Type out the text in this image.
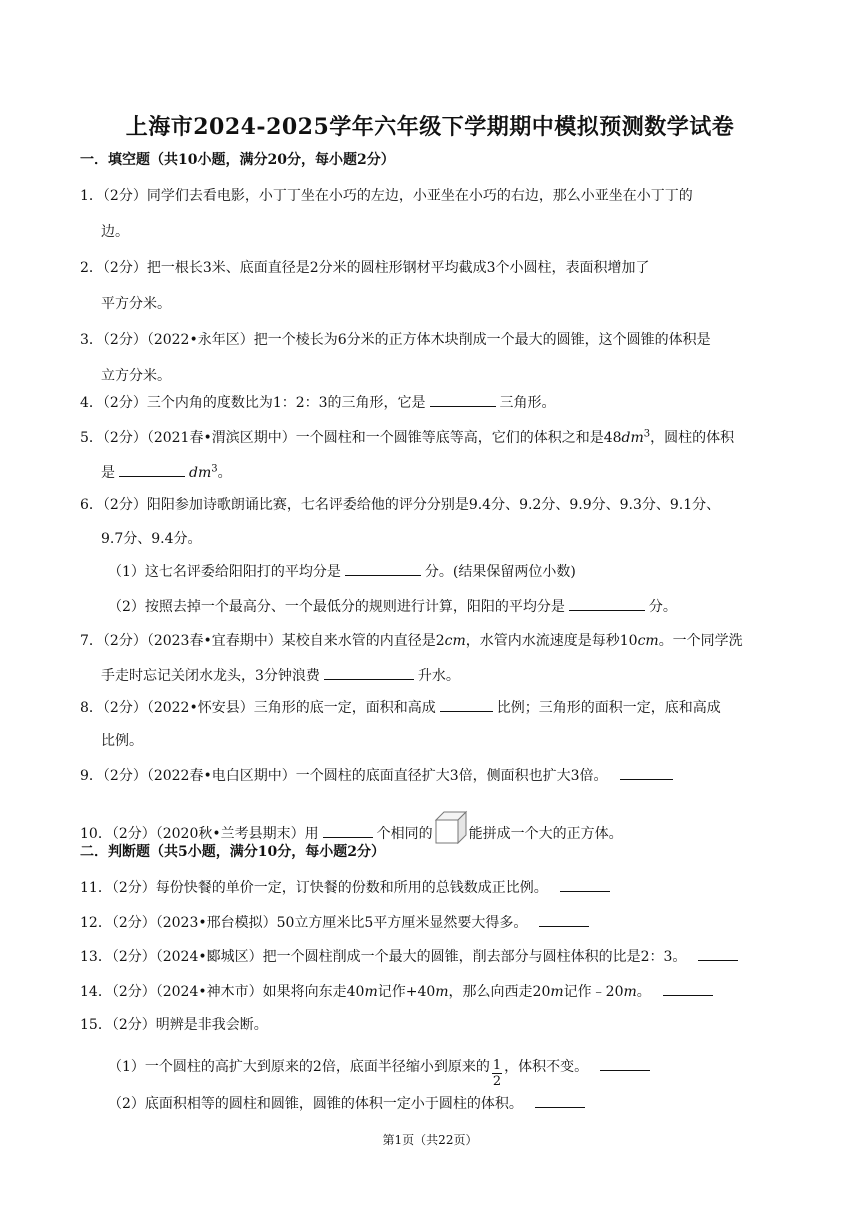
上海市2024-2025学年六年级下学期期中模拟预测数学试卷
一．填空题（共10小题，满分20分，每小题2分）
1．（2分）同学们去看电影，小丁丁坐在小巧的左边，小亚坐在小巧的右边，那么小亚坐在小丁丁的
边。
2．（2分）把一根长3米、底面直径是2分米的圆柱形钢材平均截成3个小圆柱，表面积增加了
平方分米。
3．（2分）（2022•永年区）把一个棱长为6分米的正方体木块削成一个最大的圆锥，这个圆锥的体积是
立方分米。
4．（2分）三个内角的度数比为1：2：3的三角形，它是	三角形。
5．（2分）（2021春•渭滨区期中）一个圆柱和一个圆锥等底等高，它们的体积之和是$48dm^3$，圆柱的体积
是	$dm^3$。
6．（2分）阳阳参加诗歌朗诵比赛，七名评委给他的评分分别是9.4分、9.2分、9.9分、9.3分、9.1分、
9.7分、9.4分。
（1）这七名评委给阳阳打的平均分是	分。(结果保留两位小数)
（2）按照去掉一个最高分、一个最低分的规则进行计算，阳阳的平均分是	分。
7．（2分）（2023春•宜春期中）某校自来水管的内直径是2cm，水管内水流速度是每秒10cm。一个同学洗
手走时忘记关闭水龙头，3分钟浪费	升水。
8．（2分）（2022•怀安县）三角形的底一定，面积和高成	比例；三角形的面积一定，底和高成
比例。
9．（2分）（2022春•电白区期中）一个圆柱的底面直径扩大3倍，侧面积也扩大3倍。
10．（2分）（2020秋•兰考县期末）用	个相同的	能拼成一个大的正方体。
二．判断题（共5小题，满分10分，每小题2分）
11．（2分）每份快餐的单价一定，订快餐的份数和所用的总钱数成正比例。
12．（2分）（2023•邢台模拟）50立方厘米比5平方厘米显然要大得多。
13．（2分）（2024•郾城区）把一个圆柱削成一个最大的圆锥，削去部分与圆柱体积的比是2：3。
14．（2分）（2024•神木市）如果将向东走40m记作+40m，那么向西走20m记作﹣20m。
15．（2分）明辨是非我会断。
（1）一个圆柱的高扩大到原来的2倍，底面半径缩小到原来的 $\frac{1}{2}$ ，体积不变。
（2）底面积相等的圆柱和圆锥，圆锥的体积一定小于圆柱的体积。
第1页（共22页）
